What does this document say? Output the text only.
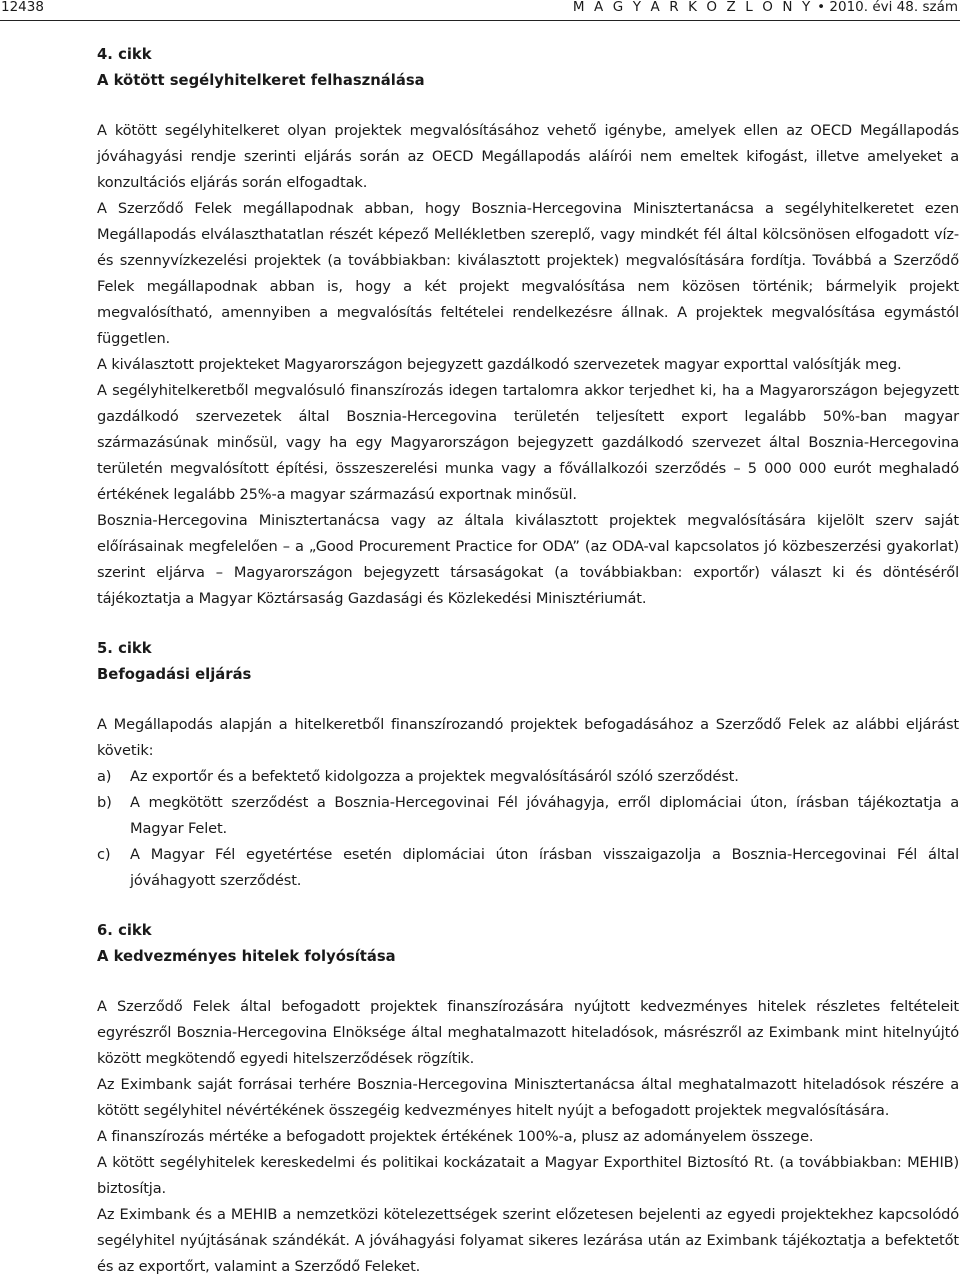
12438	M A G Y A R K Ö Z L Ö N Y • 2010. évi 48. szám
4. cikk
A kötött segélyhitelkeret felhasználása

A kötött segélyhitelkeret olyan projektek megvalósításához vehető igénybe, amelyek ellen az OECD Megállapodás jóváhagyási rendje szerinti eljárás során az OECD Megállapodás aláírói nem emeltek kifogást, illetve amelyeket a konzultációs eljárás során elfogadtak.

A Szerződő Felek megállapodnak abban, hogy Bosznia-Hercegovina Minisztertanácsa a segélyhitelkeretet ezen Megállapodás elválaszthatatlan részét képező Mellékletben szereplő, vagy mindkét fél által kölcsönösen elfogadott víz- és szennyvízkezelési projektek (a továbbiakban: kiválasztott projektek) megvalósítására fordítja. Továbbá a Szerződő Felek megállapodnak abban is, hogy a két projekt megvalósítása nem közösen történik; bármelyik projekt megvalósítható, amennyiben a megvalósítás feltételei rendelkezésre állnak. A projektek megvalósítása egymástól független.

A kiválasztott projekteket Magyarországon bejegyzett gazdálkodó szervezetek magyar exporttal valósítják meg.

A segélyhitelkeretből megvalósuló finanszírozás idegen tartalomra akkor terjedhet ki, ha a Magyarországon bejegyzett gazdálkodó szervezetek által Bosznia-Hercegovina területén teljesített export legalább 50%-ban magyar származásúnak minősül, vagy ha egy Magyarországon bejegyzett gazdálkodó szervezet által Bosznia-Hercegovina területén megvalósított építési, összeszerelési munka vagy a fővállalkozói szerződés – 5 000 000 eurót meghaladó értékének legalább 25%-a magyar származású exportnak minősül.

Bosznia-Hercegovina Minisztertanácsa vagy az általa kiválasztott projektek megvalósítására kijelölt szerv saját előírásainak megfelelően – a „Good Procurement Practice for ODA” (az ODA-val kapcsolatos jó közbeszerzési gyakorlat) szerint eljárva – Magyarországon bejegyzett társaságokat (a továbbiakban: exportőr) választ ki és döntéséről tájékoztatja a Magyar Köztársaság Gazdasági és Közlekedési Minisztériumát.

5. cikk
Befogadási eljárás

A Megállapodás alapján a hitelkeretből finanszírozandó projektek befogadásához a Szerződő Felek az alábbi eljárást követik:

a) Az exportőr és a befektető kidolgozza a projektek megvalósításáról szóló szerződést.

b) A megkötött szerződést a Bosznia-Hercegovinai Fél jóváhagyja, erről diplomáciai úton, írásban tájékoztatja a Magyar Felet.

c) A Magyar Fél egyetértése esetén diplomáciai úton írásban visszaigazolja a Bosznia-Hercegovinai Fél által jóváhagyott szerződést.

6. cikk
A kedvezményes hitelek folyósítása

A Szerződő Felek által befogadott projektek finanszírozására nyújtott kedvezményes hitelek részletes feltételeit egyrészről Bosznia-Hercegovina Elnöksége által meghatalmazott hiteladósok, másrészről az Eximbank mint hitelnyújtó között megkötendő egyedi hitelszerződések rögzítik.

Az Eximbank saját forrásai terhére Bosznia-Hercegovina Minisztertanácsa által meghatalmazott hiteladósok részére a kötött segélyhitel névértékének összegéig kedvezményes hitelt nyújt a befogadott projektek megvalósítására.

A finanszírozás mértéke a befogadott projektek értékének 100%-a, plusz az adományelem összege.

A kötött segélyhitelek kereskedelmi és politikai kockázatait a Magyar Exporthitel Biztosító Rt. (a továbbiakban: MEHIB) biztosítja.

Az Eximbank és a MEHIB a nemzetközi kötelezettségek szerint előzetesen bejelenti az egyedi projektekhez kapcsolódó segélyhitel nyújtásának szándékát. A jóváhagyási folyamat sikeres lezárása után az Eximbank tájékoztatja a befektetőt és az exportőrt, valamint a Szerződő Feleket.
